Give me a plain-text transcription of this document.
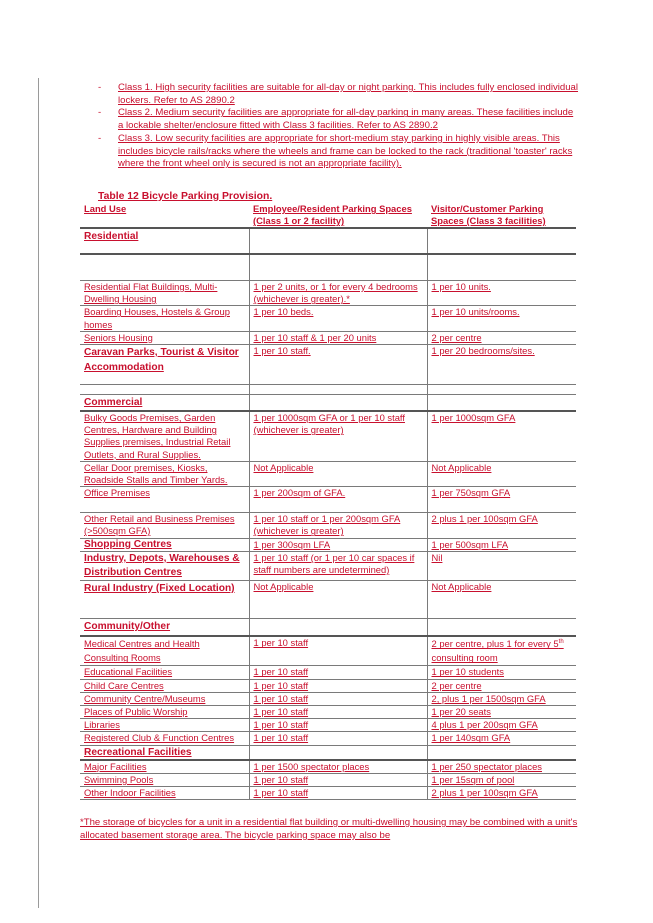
- Class 1. High security facilities are suitable for all-day or night parking. This includes fully enclosed individual lockers. Refer to AS 2890.2

- Class 2. Medium security facilities are appropriate for all-day parking in many areas. These facilities include a lockable shelter/enclosure fitted with Class 3 facilities. Refer to AS 2890.2

- Class 3. Low security facilities are appropriate for short-medium stay parking in highly visible areas. This includes bicycle rails/racks where the wheels and frame can be locked to the rack (traditional 'toaster' racks where the front wheel only is secured is not an appropriate facility).

Table 12 Bicycle Parking Provision.
Land Use	Employee/Resident Parking Spaces (Class 1 or 2 facility)	Visitor/Customer Parking Spaces (Class 3 facilities)
Residential		

Residential Flat Buildings, Multi-Dwelling Housing	1 per 2 units, or 1 for every 4 bedrooms (whichever is greater).*	1 per 10 units.
Boarding Houses, Hostels & Group homes	1 per 10 beds.	1 per 10 units/rooms.
Seniors Housing	1 per 10 staff & 1 per 20 units	2 per centre
Caravan Parks, Tourist & Visitor Accommodation	1 per 10 staff.	1 per 20 bedrooms/sites.

Commercial		
Bulky Goods Premises, Garden Centres, Hardware and Building Supplies premises, Industrial Retail Outlets, and Rural Supplies.	1 per 1000sqm GFA or 1 per 10 staff (whichever is greater)	1 per 1000sqm GFA
Cellar Door premises, Kiosks, Roadside Stalls and Timber Yards.	Not Applicable	Not Applicable
Office Premises	1 per 200sqm of GFA.	1 per 750sqm GFA
Other Retail and Business Premises (>500sqm GFA)	1 per 10 staff or 1 per 200sqm GFA (whichever is greater)	2 plus 1 per 100sqm GFA
Shopping Centres	1 per 300sqm LFA	1 per 500sqm LFA
Industry, Depots, Warehouses & Distribution Centres	1 per 10 staff (or 1 per 10 car spaces if staff numbers are undetermined)	Nil
Rural Industry (Fixed Location)	Not Applicable	Not Applicable
Community/Other		
Medical Centres and Health Consulting Rooms	1 per 10 staff	2 per centre, plus 1 for every 5th consulting room
Educational Facilities	1 per 10 staff	1 per 10 students
Child Care Centres	1 per 10 staff	2 per centre
Community Centre/Museums	1 per 10 staff	2, plus 1 per 1500sqm GFA
Places of Public Worship	1 per 10 staff	1 per 20 seats
Libraries	1 per 10 staff	4 plus 1 per 200sqm GFA
Registered Club & Function Centres	1 per 10 staff	1 per 140sqm GFA
Recreational Facilities		
Major Facilities	1 per 1500 spectator places	1 per 250 spectator places
Swimming Pools	1 per 10 staff	1 per 15sqm of pool
Other Indoor Facilities	1 per 10 staff	2 plus 1 per 100sqm GFA
*The storage of bicycles for a unit in a residential flat building or multi-dwelling housing may be combined with a unit's allocated basement storage area. The bicycle parking space may also be
